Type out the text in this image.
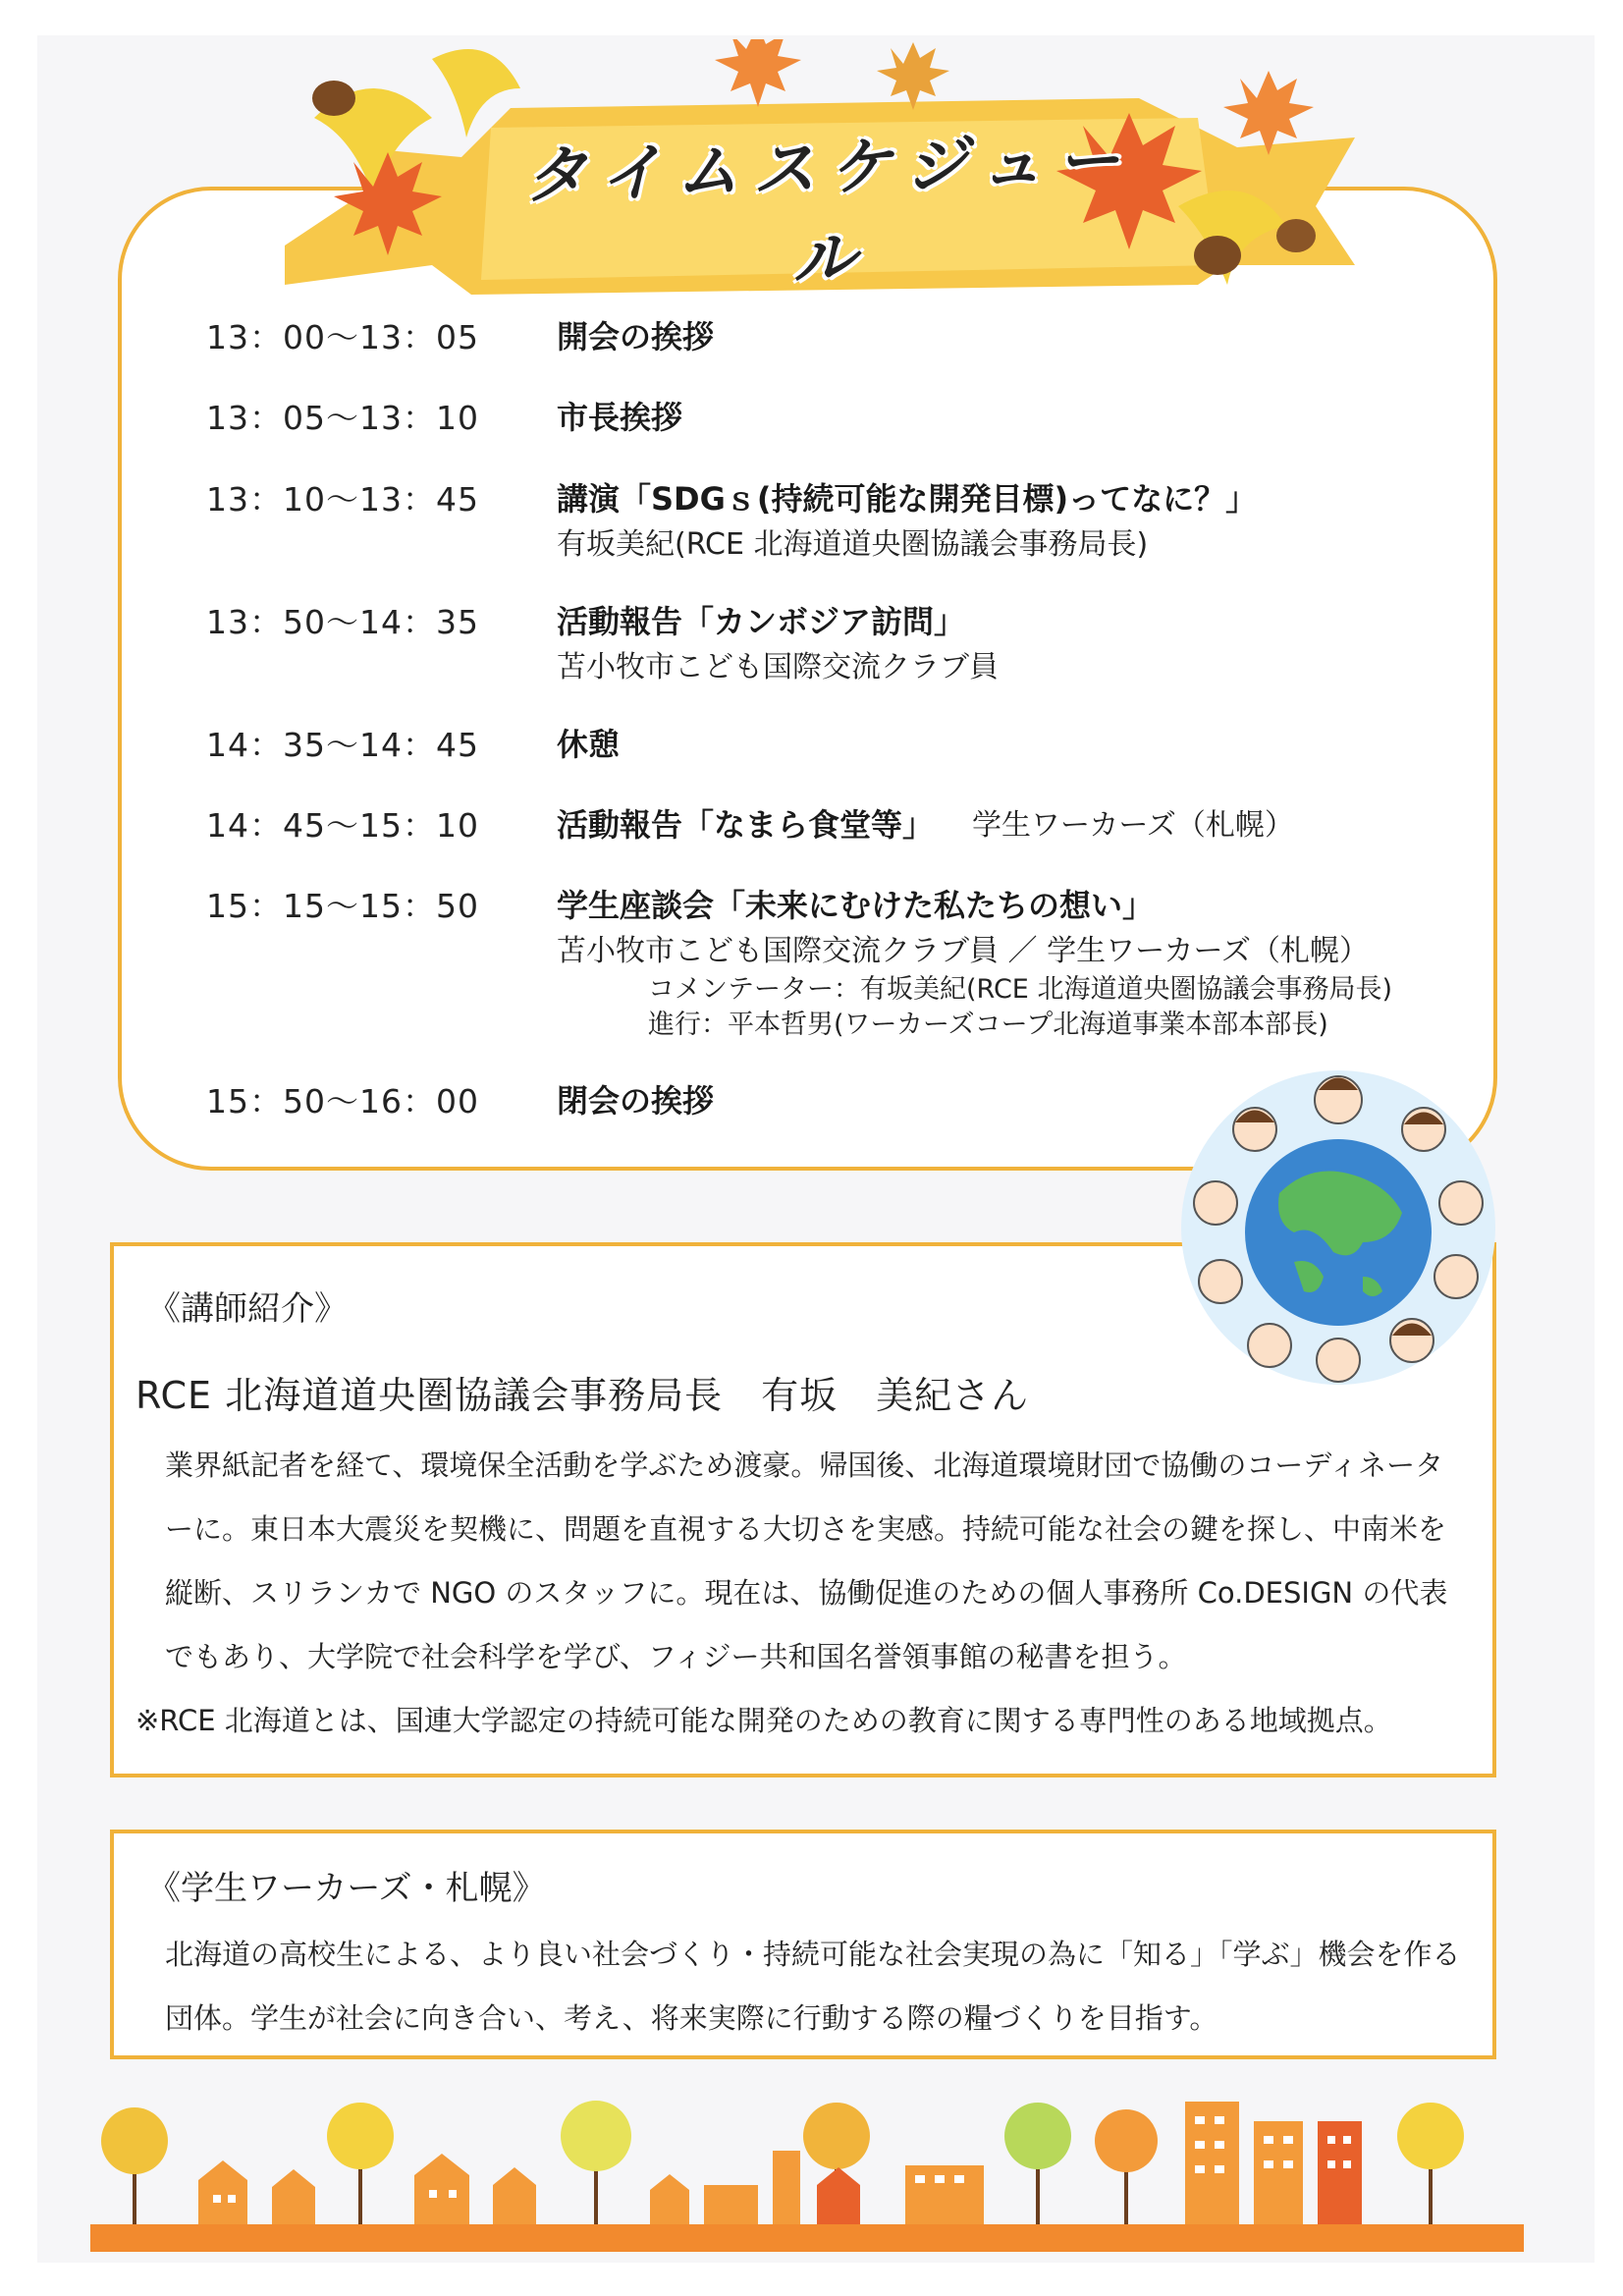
タイムスケジュール
13：00〜13：05	開会の挨拶
13：05〜13：10	市長挨拶
13：10〜13：45	講演「SDGｓ(持続可能な開発目標)ってなに？」
有坂美紀(RCE 北海道道央圏協議会事務局長)
13：50〜14：35	活動報告「カンボジア訪問」
苫小牧市こども国際交流クラブ員
14：35〜14：45	休憩
14：45〜15：10	活動報告「なまら食堂等」 学生ワーカーズ（札幌）
15：15〜15：50	学生座談会「未来にむけた私たちの想い」
苫小牧市こども国際交流クラブ員 ／ 学生ワーカーズ（札幌）
コメンテーター：有坂美紀(RCE 北海道道央圏協議会事務局長)
進行：平本哲男(ワーカーズコープ北海道事業本部本部長)
15：50〜16：00	閉会の挨拶
《講師紹介》
RCE 北海道道央圏協議会事務局長　有坂　美紀さん
業界紙記者を経て、環境保全活動を学ぶため渡豪。帰国後、北海道環境財団で協働のコーディネータ
ーに。東日本大震災を契機に、問題を直視する大切さを実感。持続可能な社会の鍵を探し、中南米を
縦断、スリランカで NGO のスタッフに。現在は、協働促進のための個人事務所 Co.DESIGN の代表
でもあり、大学院で社会科学を学び、フィジー共和国名誉領事館の秘書を担う。
※RCE 北海道とは、国連大学認定の持続可能な開発のための教育に関する専門性のある地域拠点。
《学生ワーカーズ・札幌》
北海道の高校生による、より良い社会づくり・持続可能な社会実現の為に「知る」「学ぶ」機会を作る
団体。学生が社会に向き合い、考え、将来実際に行動する際の糧づくりを目指す。
